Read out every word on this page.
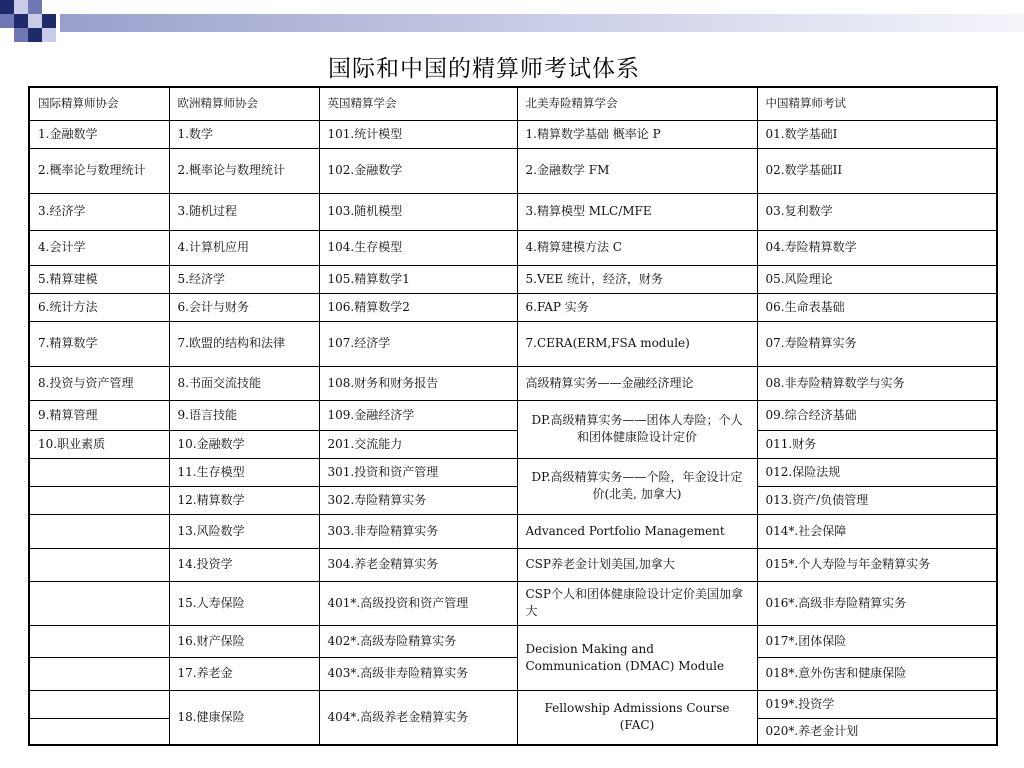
国际和中国的精算师考试体系
国际精算师协会	欧洲精算师协会	英国精算学会	北美寿险精算学会	中国精算师考试
1.金融数学	1.数学	101.统计模型	1.精算数学基础 概率论 P	01.数学基础I
2.概率论与数理统计	2.概率论与数理统计	102.金融数学	2.金融数学 FM	02.数学基础II
3.经济学	3.随机过程	103.随机模型	3.精算模型 MLC/MFE	03.复利数学
4.会计学	4.计算机应用	104.生存模型	4.精算建模方法 C	04.寿险精算数学
5.精算建模	5.经济学	105.精算数学1	5.VEE 统计，经济，财务	05.风险理论
6.统计方法	6.会计与财务	106.精算数学2	6.FAP 实务	06.生命表基础
7.精算数学	7.欧盟的结构和法律	107.经济学	7.CERA(ERM,FSA module)	07.寿险精算实务
8.投资与资产管理	8.书面交流技能	108.财务和财务报告	高级精算实务——金融经济理论	08.非寿险精算数学与实务
9.精算管理	9.语言技能	109.金融经济学	DP.高级精算实务——团体人寿险；个人和团体健康险设计定价	09.综合经济基础
10.职业素质	10.金融数学	201.交流能力		011.财务
	11.生存模型	301.投资和资产管理	DP.高级精算实务——个险，年金设计定价(北美, 加拿大)	012.保险法规
	12.精算数学	302.寿险精算实务		013.资产/负债管理
	13.风险数学	303.非寿险精算实务	Advanced Portfolio Management	014*.社会保障
	14.投资学	304.养老金精算实务	CSP养老金计划美国,加拿大	015*.个人寿险与年金精算实务
	15.人寿保险	401*.高级投资和资产管理	CSP个人和团体健康险设计定价美国加拿大	016*.高级非寿险精算实务
	16.财产保险	402*.高级寿险精算实务	Decision Making and Communication (DMAC) Module	017*.团体保险
	17.养老金	403*.高级非寿险精算实务		018*.意外伤害和健康保险
	18.健康保险	404*.高级养老金精算实务	Fellowship Admissions Course (FAC)	019*.投资学
				020*.养老金计划
